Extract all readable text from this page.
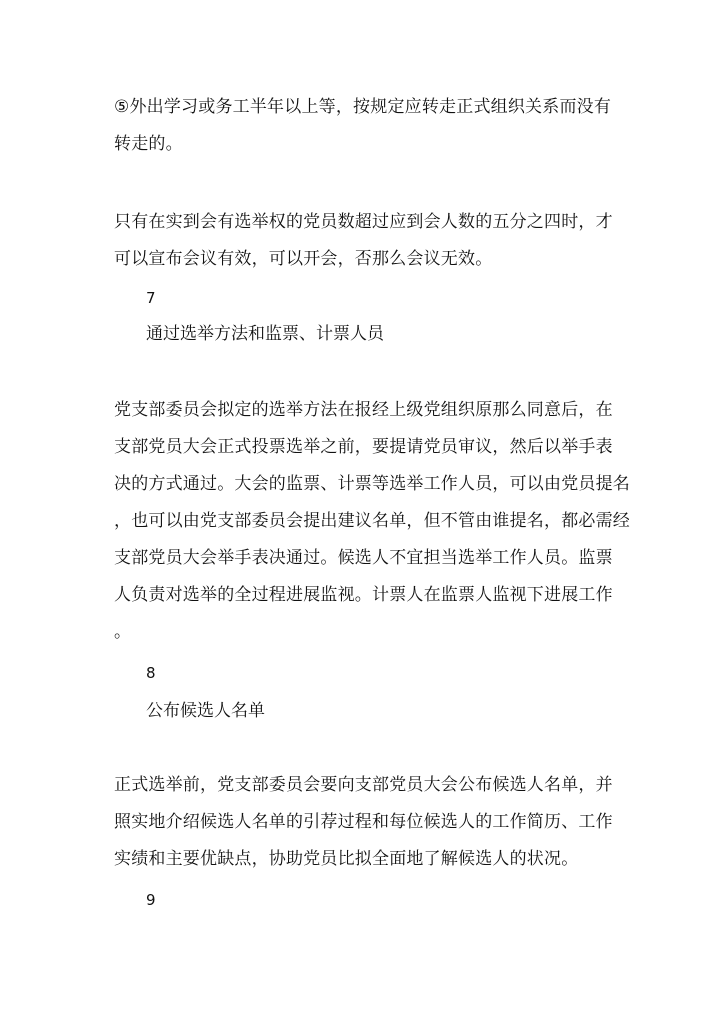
⑤外出学习或务工半年以上等，按规定应转走正式组织关系而没有
转走的。
只有在实到会有选举权的党员数超过应到会人数的五分之四时，才
可以宣布会议有效，可以开会，否那么会议无效。
7
通过选举方法和监票、计票人员
党支部委员会拟定的选举方法在报经上级党组织原那么同意后，在
支部党员大会正式投票选举之前，要提请党员审议，然后以举手表
决的方式通过。大会的监票、计票等选举工作人员，可以由党员提名
，也可以由党支部委员会提出建议名单，但不管由谁提名，都必需经
支部党员大会举手表决通过。候选人不宜担当选举工作人员。监票
人负责对选举的全过程进展监视。计票人在监票人监视下进展工作
。
8
公布候选人名单
正式选举前，党支部委员会要向支部党员大会公布候选人名单，并
照实地介绍候选人名单的引荐过程和每位候选人的工作简历、工作
实绩和主要优缺点，协助党员比拟全面地了解候选人的状况。
9
